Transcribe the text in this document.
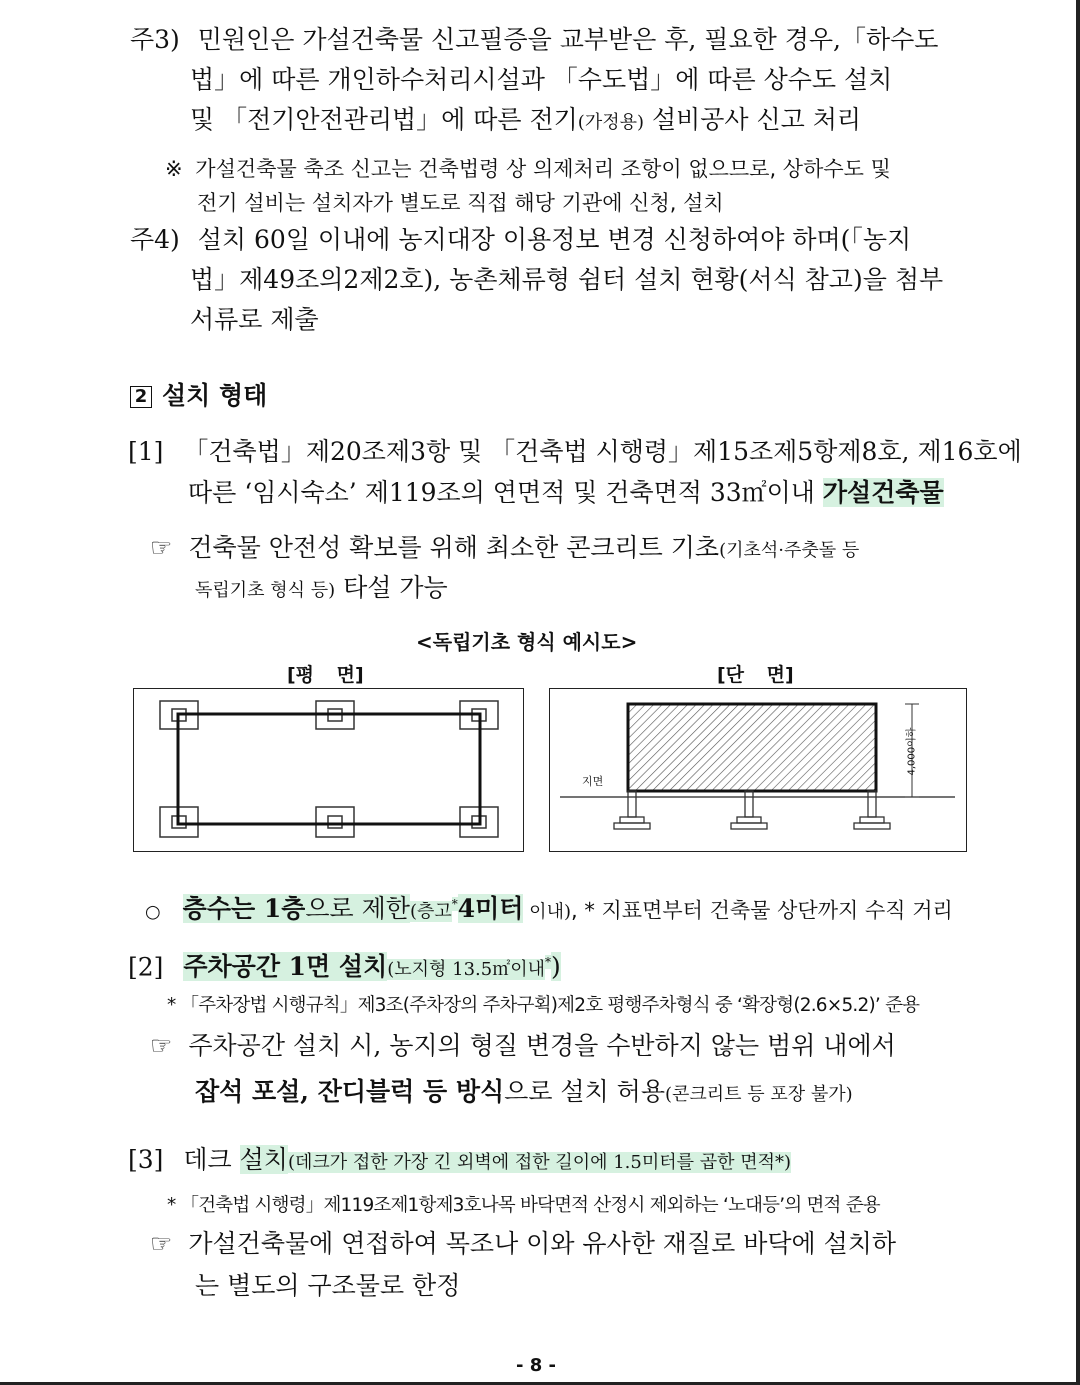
주3) 민원인은 가설건축물 신고필증을 교부받은 후, 필요한 경우,「하수도
법」에 따른 개인하수처리시설과 「수도법」에 따른 상수도 설치
및 「전기안전관리법」에 따른 전기(가정용) 설비공사 신고 처리
※ 가설건축물 축조 신고는 건축법령 상 의제처리 조항이 없으므로, 상하수도 및
전기 설비는 설치자가 별도로 직접 해당 기관에 신청, 설치
주4) 설치 60일 이내에 농지대장 이용정보 변경 신청하여야 하며(「농지
법」제49조의2제2호), 농촌체류형 쉼터 설치 현황(서식 참고)을 첨부
서류로 제출
2 설치 형태
[1] 「건축법」제20조제3항 및 「건축법 시행령」제15조제5항제8호, 제16호에
따른 ‘임시숙소’ 제119조의 연면적 및 건축면적 33㎡이내 가설건축물
☞ 건축물 안전성 확보를 위해 최소한 콘크리트 기초(기초석·주춧돌 등
독립기초 형식 등) 타설 가능
<독립기초 형식 예시도>
[평 면]	[단 면]
지면
4,000이하
○ 층수는 1층으로 제한(층고*4미터 이내), * 지표면부터 건축물 상단까지 수직 거리
[2] 주차공간 1면 설치(노지형 13.5㎡이내*)
* 「주차장법 시행규칙」제3조(주차장의 주차구획)제2호 평행주차형식 중 ‘확장형(2.6×5.2)’ 준용
☞ 주차공간 설치 시, 농지의 형질 변경을 수반하지 않는 범위 내에서
잡석 포설, 잔디블럭 등 방식으로 설치 허용(콘크리트 등 포장 불가)
[3] 데크 설치(데크가 접한 가장 긴 외벽에 접한 길이에 1.5미터를 곱한 면적*)
* 「건축법 시행령」제119조제1항제3호나목 바닥면적 산정시 제외하는 ‘노대등’의 면적 준용
☞ 가설건축물에 연접하여 목조나 이와 유사한 재질로 바닥에 설치하
는 별도의 구조물로 한정
- 8 -
